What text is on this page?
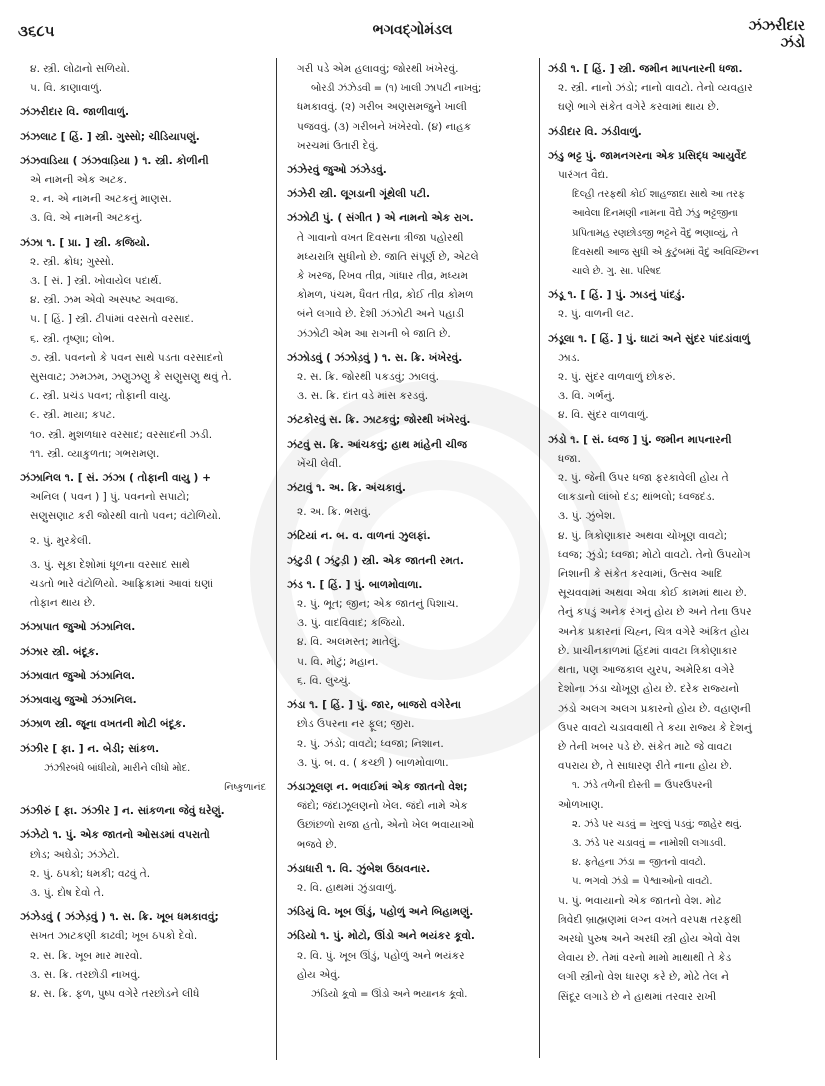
૩૬૮૫	ભગવદ્ગોમંડલ	ઝંઝરીદાર
ઝંડો
૪. સ્ત્રી. લોઢાનો સળિયો.
૫. વિ. કાણાવાળું.
ઝંઝરીદાર વિ. જાળીવાળું.
ઝંઝલાટ [ હિં. ] સ્ત્રી. ગુસ્સો; ચીડિયાપણું.
ઝંઝવાડિયા ( ઝંઝવાડ઼િયા ) ૧. સ્ત્રી. કોળીની
એ નામની એક અટક.
૨. ન. એ નામની અટકનું માણસ.
૩. વિ. એ નામની અટકનું.
ઝંઝા ૧. [ પ્રા. ] સ્ત્રી. કજિયો.
૨. સ્ત્રી. ક્રોધ; ગુસ્સો.
૩. [ સં. ] સ્ત્રી. ખોવાયેલ પદાર્થ.
૪. સ્ત્રી. ઝમ એવો અસ્પષ્ટ અવાજ.
૫. [ હિં. ] સ્ત્રી. ટીપાંમાં વરસતો વરસાદ.
૬. સ્ત્રી. તૃષ્ણા; લોભ.
૭. સ્ત્રી. પવનનો કે પવન સાથે પડતા વરસાદનો
સુસવાટ; ઝમઝમ, ઝણુઝણુ કે સણુસણુ થવું તે.
૮. સ્ત્રી. પ્રચંડ પવન; તોફાની વાયુ.
૯. સ્ત્રી. માયા; કપટ.
૧૦. સ્ત્રી. મુશળધાર વરસાદ; વરસાદની ઝડી.
૧૧. સ્ત્રી. વ્યાકુળતા; ગભરામણ.
ઝંઝાનિલ ૧. [ સં. ઝંઝા ( તોફાની વાયુ ) +
અનિલ ( પવન ) ] પું. પવનનો સપાટો;
સણુસણાટ કરી જોરથી વાતો પવન; વંટોળિયો.
૨. પું. મુરકેલી.
૩. પું. સૂકા દેશોમાં ધૂળના વરસાદ સાથે
ચડતો ભારે વંટોળિયો. આફ્રિકામાં આવાં ઘણાં
તોફાન થાય છે.
ઝંઝાપાત જુઓ ઝંઝાનિલ.
ઝંઝાર સ્ત્રી. બંદૂક.
ઝંઝાવાત જુઓ ઝંઝાનિલ.
ઝંઝાવાયુ જુઓ ઝંઝાનિલ.
ઝંઝાળ સ્ત્રી. જૂના વખતની મોટી બંદૂક.
ઝંઝીર [ ફા. ] ન. બેડી; સાંકળ.
ઝંઝીરબંધે બાંધીયો, મારીને લીધો મોદ.
નિષ્કુળાનંદ
ઝંઝીરું [ ફા. ઝંઝીર ] ન. સાંકળના જેવું ઘરેણું.
ઝંઝેટો ૧. પું. એક જાતનો ઓસડમાં વપરાતો
છોડ; અઘેડો; ઝંઝેટો.
૨. પું. ઠપકો; ધમકી; વઢવું તે.
૩. પું. દોષ દેવો તે.
ઝંઝેડવું ( ઝંઝેડ઼વું ) ૧. સ. ક્રિ. ખૂબ ધમકાવવું;
સખત ઝાટકણી કાઢવી; ખૂબ ઠપકો દેવો.
૨. સ. ક્રિ. ખૂબ માર મારવો.
૩. સ. ક્રિ. તરછોડી નાખવું.
૪. સ. ક્રિ. ફળ, પુષ્પ વગેરે તરછોડને લીધે
ગરી પડે એમ હલાવવું; જોરથી ખંખેરવું.
બોરડી ઝંઝેડવી = (૧) ખાલી ઝાપટી નાખવું;
ધમકાવવું. (૨) ગરીબ અણસમજુને ખાલી
પજવવું. (૩) ગરીબને ખંખેરવો. (૪) નાહક
ખરચમાં ઉતારી દેવું.
ઝંઝેરવું જુઓ ઝંઝેડવું.
ઝંઝેરી સ્ત્રી. લૂગડાની ગૂંથેલી પટી.
ઝંઝોટી પું. ( સંગીત ) એ નામનો એક રાગ.
તે ગાવાનો વખત દિવસના ત્રીજા પહોરથી
મધ્યરાત્રિ સુધીનો છે. જાતિ સંપૂર્ણ છે, એટલે
કે ખરજ, રિખવ તીવ્ર, ગાંધાર તીવ્ર, મધ્યમ
કોમળ, પંચમ, ધૈવત તીવ્ર, કોઈ તીવ્ર કોમળ
બંને લગાવે છે. દેશી ઝંઝોટી અને પહાડી
ઝંઝોટી એમ આ રાગની બે જાતિ છે.
ઝંઝોડવું ( ઝંઝોડ઼વું ) ૧. સ. ક્રિ. ખંખેરવું.
૨. સ. ક્રિ. જોરથી પકડવું; ઝાલવું.
૩. સ. ક્રિ. દાંત વડે માંસ કરડવું.
ઝંટકોરવું સ. ક્રિ. ઝાટકવું; જોરથી ખંખેરવું.
ઝંટવું સ. ક્રિ. આંચકવું; હાથ માંહેની ચીજ
ખેંચી લેવી.
ઝંટાવું ૧. અ. ક્રિ. અંચકાવું.
૨. અ. ક્રિ. ભરાવું.
ઝંટિયાં ન. બ. વ. વાળનાં ઝુલફાં.
ઝંટુડી ( ઝંટુડ઼ી ) સ્ત્રી. એક જાતની રમત.
ઝંડ ૧. [ હિં. ] પું. બાળમોવાળા.
૨. પું. ભૂત; જીન; એક જાતનું પિશાચ.
૩. પું. વાદવિવાદ; કજિયો.
૪. વિ. અલમસ્ત; માતેલું.
૫. વિ. મોટું; મહાન.
૬. વિ. લુચ્ચું.
ઝંડા ૧. [ હિં. ] પું. જાર, બાજરો વગેરેના
છોડ ઉપરના નર ફૂલ; જીરા.
૨. પું. ઝંડો; વાવટો; ધ્વજા; નિશાન.
૩. પું. બ. વ. ( કચ્છી ) બાળમોવાળા.
ઝંડાઝૂલણ ન. ભવાઈમાં એક જાતનો વેશ;
જંદો; જંદાઝૂલણનો ખેલ. જંદો નામે એક
ઉછાંછળો રાજા હતો, એનો ખેલ ભવાયાઓ
ભજવે છે.
ઝંડાધારી ૧. વિ. ઝુંબેશ ઉઠાવનાર.
૨. વિ. હાથમાં ઝુંડાવાળું.
ઝંડિયું વિ. ખૂબ ઊંડું, પહોળું અને બિહામણું.
ઝંડિયો ૧. પું. મોટો, ઊંડો અને ભયંકર કૂવો.
૨. વિ. પું. ખૂબ ઊંડું, પહોળું અને ભયંકર
હોય એવું.
ઝંડિયો કૂવો = ઊંડો અને ભયાનક કૂવો.
ઝંડી ૧. [ હિં. ] સ્ત્રી. જમીન માપનારની ધજા.
૨. સ્ત્રી. નાનો ઝંડો; નાનો વાવટો. તેનો વ્યવહાર
ઘણે ભાગે સંકેત વગેરે કરવામાં થાય છે.
ઝંડીદાર વિ. ઝંડીવાળું.
ઝંડુ ભટ્ટ પું. જામનગરના એક પ્રસિદ્ધ આયુર્વેદ
પારંગત વૈદ્ય.
દિલ્હી તરફથી કોઈ શાહજાદા સાથે આ તરફ
આવેલા દિનમણી નામના વૈદ્યે ઝંડુ ભટ્ટજીના
પ્રપિતામહ રણછોડજી ભટ્ટને વૈદું ભણાવ્યું, તે
દિવસથી આજ સુધી એ કુટુંબમાં વૈદું અવિચ્છિન્ન
ચાલે છે. ગુ. સા. પરિષદ
ઝંડૂ ૧. [ હિં. ] પું. ઝાડનું પાંદડું.
૨. પું. વાળની લટ.
ઝંડૂલા ૧. [ હિં. ] પું. ઘાટાં અને સુંદર પાંદડાંવાળું
ઝાડ.
૨. પું. સુંદર વાળવાળું છોકરું.
૩. વિ. ગર્ભનું.
૪. વિ. સુંદર વાળવાળું.
ઝંડો ૧. [ સં. ધ્વજ ] પું. જમીન માપનારની
ધજા.
૨. પું. જેની ઉપર ધજા ફરકાવેલી હોય તે
લાકડાનો લાંબો દંડ; થાંભલો; ધ્વજદંડ.
૩. પું. ઝુંબેશ.
૪. પું. ત્રિકોણાકાર અથવા ચોખૂણ વાવટો;
ધ્વજ; ઝુંડો; ધ્વજા; મોટો વાવટો. તેનો ઉપયોગ
નિશાની કે સંકેત કરવામાં, ઉત્સવ આદિ
સૂચવવામાં અથવા એવા કોઈ કામમાં થાય છે.
તેનું કપડું અનેક રંગનું હોય છે અને તેના ઉપર
અનેક પ્રકારનાં ચિહ્ન, ચિત્ર વગેરે અંકિત હોય
છે. પ્રાચીનકાળમાં હિંદમાં વાવટા ત્રિકોણાકાર
થતા, પણ આજકાલ યુરપ, અમેરિકા વગેરે
દેશોના ઝંડા ચોખૂણ હોય છે. દરેક રાજ્યનો
ઝંડો અલગ અલગ પ્રકારનો હોય છે. વહાણની
ઉપર વાવટો ચડાવવાથી તે કયા રાજ્ય કે દેશનું
છે તેની ખબર પડે છે. સંકેત માટે જે વાવટા
વપરાય છે, તે સાધારણ રીતે નાના હોય છે.
૧. ઝંડે તળેની દોસ્તી = ઉપરઉપરની
ઓળખાણ.
૨. ઝંડે પર ચડવું = ખુલ્લું પડવું; જાહેર થવું.
૩. ઝંડે પર ચડાવવું = નામોશી લગાડવી.
૪. ફતેહના ઝંડા = જીતનો વાવટો.
૫. ભગવો ઝંડો = પેશ્વાઓનો વાવટો.
૫. પું. ભવાયાનો એક જાતનો વેશ. મોઢ
ત્રિવેદી બ્રાહ્મણમાં લગ્ન વખતે વરપક્ષ તરફથી
અરધો પુરુષ અને અરધી સ્ત્રી હોય એવો વેશ
લેવાય છે. તેમાં વરનો મામો માથાથી તે કેડ
લગી સ્ત્રીનો વેશ ધારણ કરે છે, મોઢે તેલ ને
સિંદૂર લગાડે છે ને હાથમાં તરવાર રાખી
